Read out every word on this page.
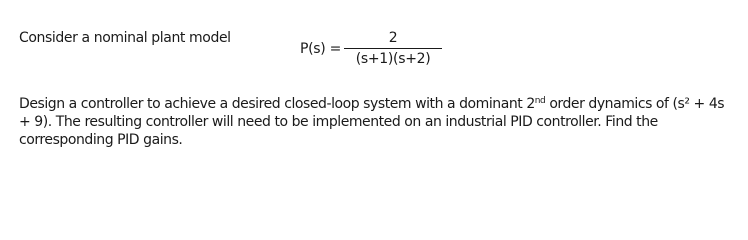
Consider a nominal plant model
$P(s) = \frac{2}{(s+1)(s+2)}$
Design a controller to achieve a desired closed-loop system with a dominant 2nd order dynamics of (s² + 4s + 9). The resulting controller will need to be implemented on an industrial PID controller. Find the corresponding PID gains.
